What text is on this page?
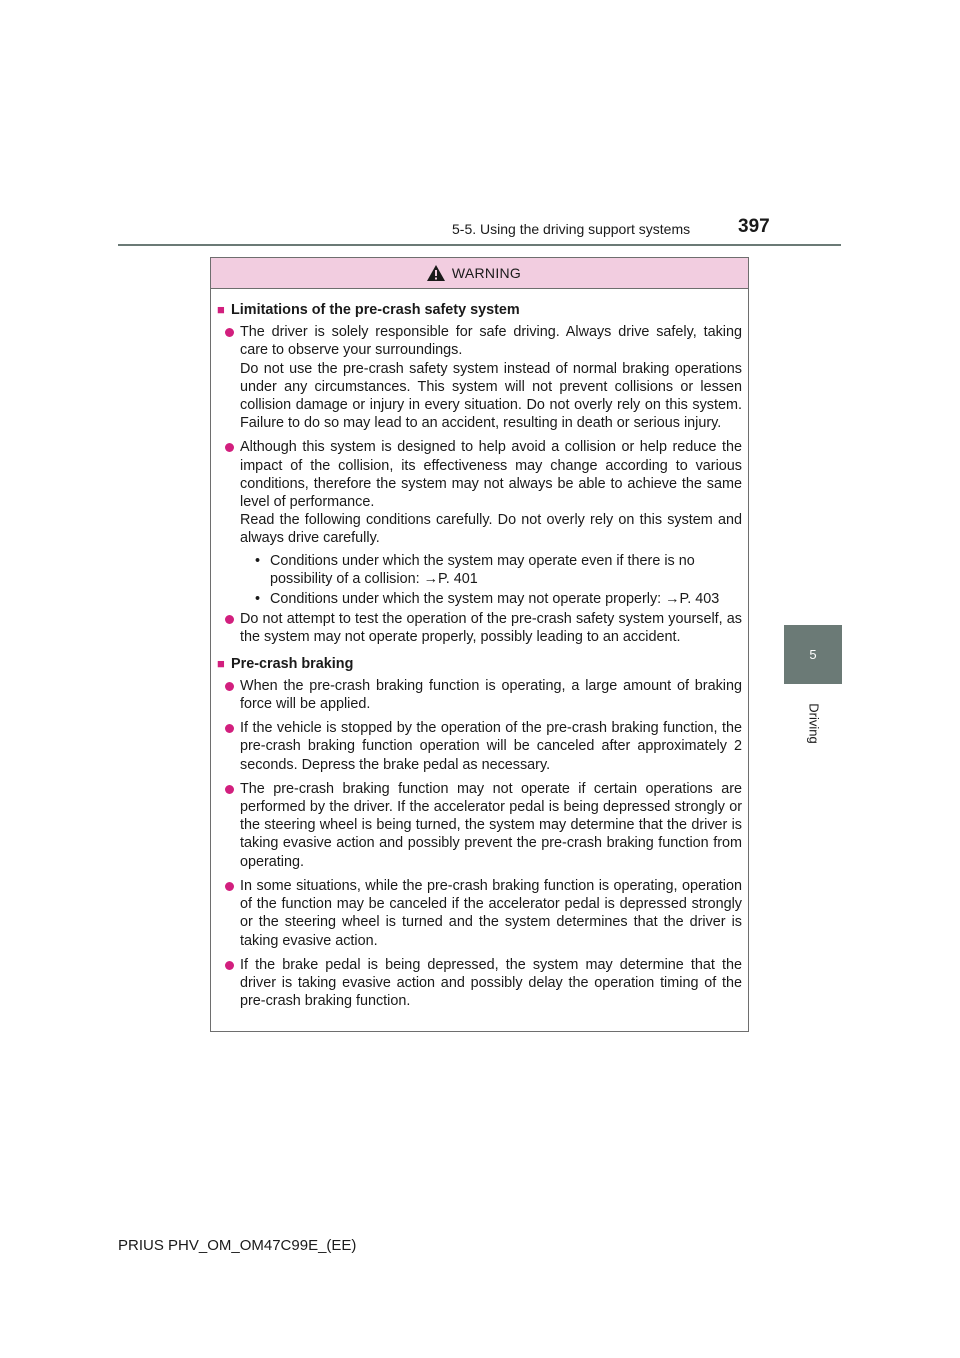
5-5. Using the driving support systems	397
5
Driving
WARNING
■ Limitations of the pre-crash safety system

The driver is solely responsible for safe driving. Always drive safely, taking care to observe your surroundings.

Do not use the pre-crash safety system instead of normal braking operations under any circumstances. This system will not prevent collisions or lessen collision damage or injury in every situation. Do not overly rely on this system. Failure to do so may lead to an accident, resulting in death or serious injury.

Although this system is designed to help avoid a collision or help reduce the impact of the collision, its effectiveness may change according to various conditions, therefore the system may not always be able to achieve the same level of performance.

Read the following conditions carefully. Do not overly rely on this system and always drive carefully.

• Conditions under which the system may operate even if there is no possibility of a collision: →P. 401
• Conditions under which the system may not operate properly: →P. 403

Do not attempt to test the operation of the pre-crash safety system yourself, as the system may not operate properly, possibly leading to an accident.

■ Pre-crash braking

When the pre-crash braking function is operating, a large amount of braking force will be applied.

If the vehicle is stopped by the operation of the pre-crash braking function, the pre-crash braking function operation will be canceled after approximately 2 seconds. Depress the brake pedal as necessary.

The pre-crash braking function may not operate if certain operations are performed by the driver. If the accelerator pedal is being depressed strongly or the steering wheel is being turned, the system may determine that the driver is taking evasive action and possibly prevent the pre-crash braking function from operating.

In some situations, while the pre-crash braking function is operating, operation of the function may be canceled if the accelerator pedal is depressed strongly or the steering wheel is turned and the system determines that the driver is taking evasive action.

If the brake pedal is being depressed, the system may determine that the driver is taking evasive action and possibly delay the operation timing of the pre-crash braking function.

PRIUS PHV_OM_OM47C99E_(EE)
